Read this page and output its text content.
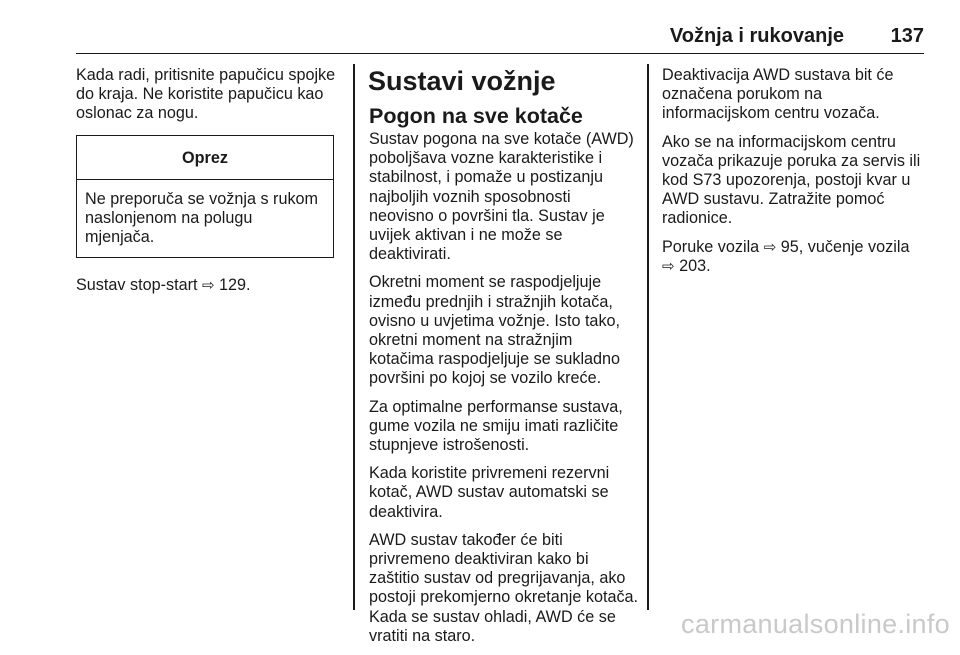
Vožnja i rukovanje 137

Kada radi, pritisnite papučicu spojke do kraja. Ne koristite papučicu kao oslonac za nogu.

Oprez
Ne preporuča se vožnja s rukom naslonjenom na polugu mjenjača.

Sustav stop-start ⇨ 129.

Sustavi vožnje
Pogon na sve kotače

Sustav pogona na sve kotače (AWD) poboljšava vozne karakteristike i stabilnost, i pomaže u postizanju najboljih voznih sposobnosti neovisno o površini tla. Sustav je uvijek aktivan i ne može se deaktivirati.

Okretni moment se raspodjeljuje između prednjih i stražnjih kotača, ovisno u uvjetima vožnje. Isto tako, okretni moment na stražnjim kotačima raspodjeljuje se sukladno površini po kojoj se vozilo kreće.

Za optimalne performanse sustava, gume vozila ne smiju imati različite stupnjeve istrošenosti.

Kada koristite privremeni rezervni kotač, AWD sustav automatski se deaktivira.

AWD sustav također će biti privremeno deaktiviran kako bi zaštitio sustav od pregrijavanja, ako postoji prekomjerno okretanje kotača. Kada se sustav ohladi, AWD će se vratiti na staro.

Deaktivacija AWD sustava bit će označena porukom na informacijskom centru vozača.

Ako se na informacijskom centru vozača prikazuje poruka za servis ili kod S73 upozorenja, postoji kvar u AWD sustavu. Zatražite pomoć radionice.

Poruke vozila ⇨ 95, vučenje vozila
⇨ 203.

carmanualsonline.info
